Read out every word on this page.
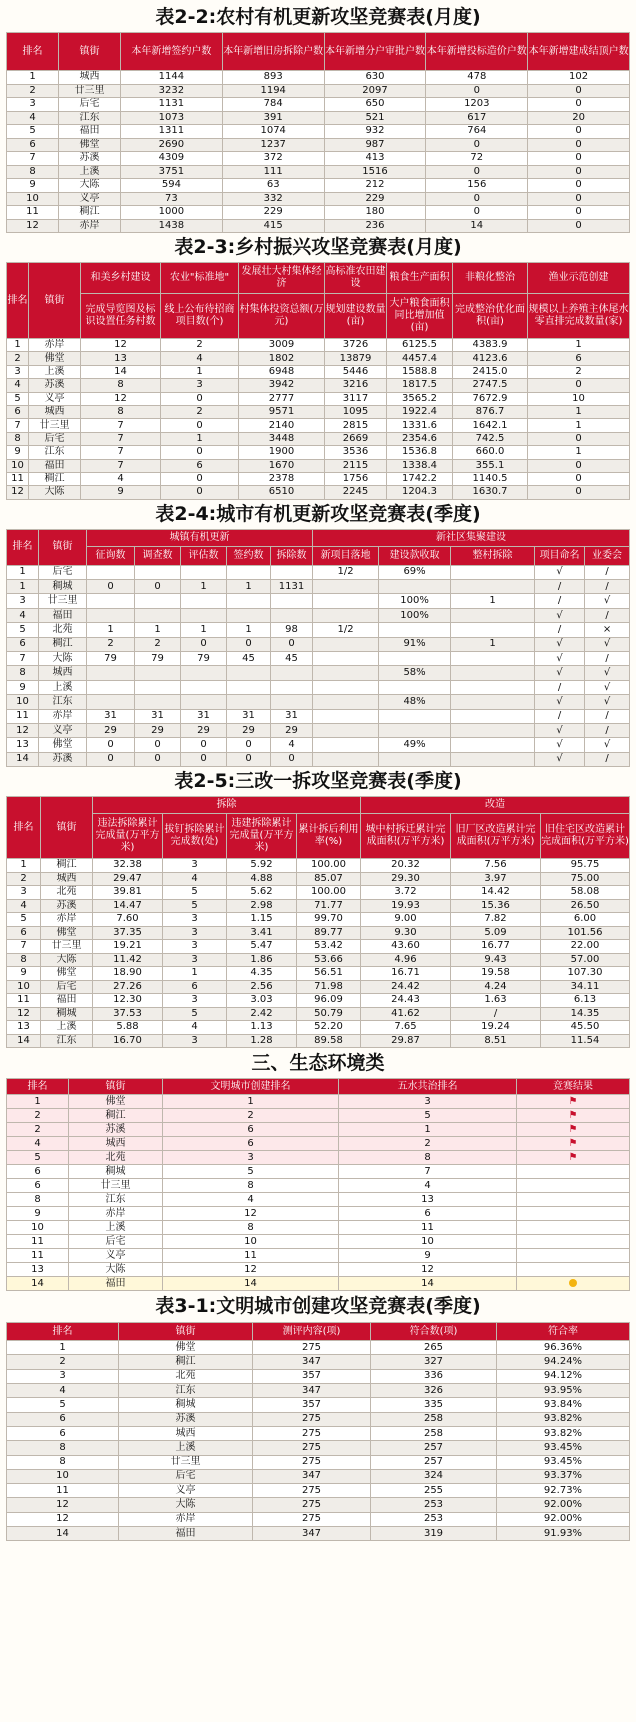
表2-2:农村有机更新攻坚竞赛表(月度)
排名	镇街	本年新增签约户数	本年新增旧房拆除户数	本年新增分户审批户数	本年新增投标造价户数	本年新增建成结顶户数
1	城西	1144	893	630	478	102
2	廿三里	3232	1194	2097	0	0
3	后宅	1131	784	650	1203	0
4	江东	1073	391	521	617	20
5	福田	1311	1074	932	764	0
6	佛堂	2690	1237	987	0	0
7	苏溪	4309	372	413	72	0
8	上溪	3751	111	1516	0	0
9	大陈	594	63	212	156	0
10	义亭	73	332	229	0	0
11	稠江	1000	229	180	0	0
12	赤岸	1438	415	236	14	0
表2-3:乡村振兴攻坚竞赛表(月度)
排名	镇街	和美乡村建设	农业"标准地"	发展壮大村集体经济	高标准农田建设	粮食生产面积	非粮化整治	渔业示范创建
		完成导览图及标识设置任务村数	线上公布待招商项目数(个)	村集体投资总额(万元)	规划建设数量(亩)	大户粮食面积同比增加值(亩)	完成整治优化面积(亩)	规模以上养殖主体尾水零直排完成数量(家)
1	赤岸	12	2	3009	3726	6125.5	4383.9	1
2	佛堂	13	4	1802	13879	4457.4	4123.6	6
3	上溪	14	1	6948	5446	1588.8	2415.0	2
4	苏溪	8	3	3942	3216	1817.5	2747.5	0
5	义亭	12	0	2777	3117	3565.2	7672.9	10
6	城西	8	2	9571	1095	1922.4	876.7	1
7	廿三里	7	0	2140	2815	1331.6	1642.1	1
8	后宅	7	1	3448	2669	2354.6	742.5	0
9	江东	7	0	1900	3536	1536.8	660.0	1
10	福田	7	6	1670	2115	1338.4	355.1	0
11	稠江	4	0	2378	1756	1742.2	1140.5	0
12	大陈	9	0	6510	2245	1204.3	1630.7	0
表2-4:城市有机更新攻坚竞赛表(季度)
排名	镇街	城镇有机更新					新社区集聚建设				
		征询数	调查数	评估数	签约数	拆除数	新项目落地	建设款收取	整村拆除	项目命名	业委会
1	后宅						1/2	69%		√	/
1	稠城	0	0	1	1	1131				/	/
3	廿三里							100%	1	/	√
4	福田							100%		√	/
5	北苑	1	1	1	1	98	1/2			/	×
6	稠江	2	2	0	0	0		91%	1	√	√
7	大陈	79	79	79	45	45				√	/
8	城西							58%		√	√
9	上溪									/	√
10	江东							48%		√	√
11	赤岸	31	31	31	31	31				/	/
12	义亭	29	29	29	29	29				√	/
13	佛堂	0	0	0	0	4		49%		√	√
14	苏溪	0	0	0	0	0				√	/
表2-5:三改一拆攻坚竞赛表(季度)
排名	镇街	拆除				改造		
		违法拆除累计完成量(万平方米)	拔钉拆除累计完成数(处)	违建拆除累计完成量(万平方米)	累计拆后利用率(%)	城中村拆迁累计完成面积(万平方米)	旧厂区改造累计完成面积(万平方米)	旧住宅区改造累计完成面积(万平方米)
1	稠江	32.38	3	5.92	100.00	20.32	7.56	95.75
2	城西	29.47	4	4.88	85.07	29.30	3.97	75.00
3	北苑	39.81	5	5.62	100.00	3.72	14.42	58.08
4	苏溪	14.47	5	2.98	71.77	19.93	15.36	26.50
5	赤岸	7.60	3	1.15	99.70	9.00	7.82	6.00
6	佛堂	37.35	3	3.41	89.77	9.30	5.09	101.56
7	廿三里	19.21	3	5.47	53.42	43.60	16.77	22.00
8	大陈	11.42	3	1.86	53.66	4.96	9.43	57.00
9	佛堂	18.90	1	4.35	56.51	16.71	19.58	107.30
10	后宅	27.26	6	2.56	71.98	24.42	4.24	34.11
11	福田	12.30	3	3.03	96.09	24.43	1.63	6.13
12	稠城	37.53	5	2.42	50.79	41.62	/	14.35
13	上溪	5.88	4	1.13	52.20	7.65	19.24	45.50
14	江东	16.70	3	1.28	89.58	29.87	8.51	11.54
三、生态环境类
排名	镇街	文明城市创建排名	五水共治排名	竞赛结果
1	佛堂	1	3	⚑
2	稠江	2	5	⚑
2	苏溪	6	1	⚑
4	城西	6	2	⚑
5	北苑	3	8	⚑
6	稠城	5	7	
6	廿三里	8	4	
8	江东	4	13	
9	赤岸	12	6	
10	上溪	8	11	
11	后宅	10	10	
11	义亭	11	9	
13	大陈	12	12	
14	福田	14	14	
表3-1:文明城市创建攻坚竞赛表(季度)
排名	镇街	测评内容(项)	符合数(项)	符合率
1	佛堂	275	265	96.36%
2	稠江	347	327	94.24%
3	北苑	357	336	94.12%
4	江东	347	326	93.95%
5	稠城	357	335	93.84%
6	苏溪	275	258	93.82%
6	城西	275	258	93.82%
8	上溪	275	257	93.45%
8	廿三里	275	257	93.45%
10	后宅	347	324	93.37%
11	义亭	275	255	92.73%
12	大陈	275	253	92.00%
12	赤岸	275	253	92.00%
14	福田	347	319	91.93%
